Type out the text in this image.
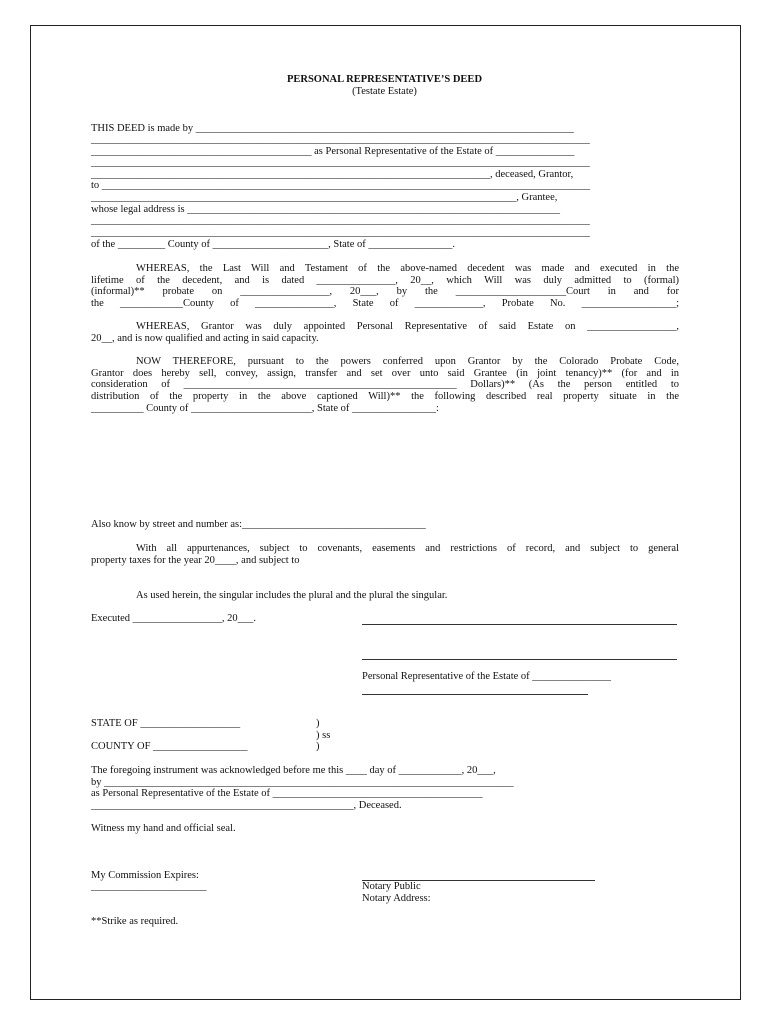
PERSONAL REPRESENTATIVE’S DEED
(Testate Estate)
THIS DEED is made by ________________________________________________________________________
_______________________________________________________________________________________________
__________________________________________ as Personal Representative of the Estate of _______________
_______________________________________________________________________________________________
____________________________________________________________________________, deceased, Grantor,
to _____________________________________________________________________________________________
_________________________________________________________________________________, Grantee,
whose legal address is _______________________________________________________________________
_______________________________________________________________________________________________
_______________________________________________________________________________________________
of the _________ County of ______________________, State of ________________.
WHEREAS, the Last Will and Testament of the above-named decedent was made and executed in the
lifetime of the decedent, and is dated _______________, 20__, which Will was duly admitted to (formal)
(informal)** probate on _________________, 20___, by the _____________________Court in and for
the ____________County of _______________, State of _____________, Probate No. __________________;
WHEREAS, Grantor was duly appointed Personal Representative of said Estate on _________________,
20__, and is now qualified and acting in said capacity.
NOW THEREFORE, pursuant to the powers conferred upon Grantor by the Colorado Probate Code,
Grantor does hereby sell, convey, assign, transfer and set over unto said Grantee (in joint tenancy)** (for and in
consideration of ____________________________________________________ Dollars)** (As the person entitled to
distribution of the property in the above captioned Will)** the following described real property situate in the
__________ County of _______________________, State of ________________:
Also know by street and number as:___________________________________
With all appurtenances, subject to covenants, easements and restrictions of record, and subject to general
property taxes for the year 20____, and subject to
As used herein, the singular includes the plural and the plural the singular.
Executed _________________, 20___.
Personal Representative of the Estate of _______________
STATE OF ___________________	)
) ss
COUNTY OF __________________	)
The foregoing instrument was acknowledged before me this ____ day of ____________, 20___,
by ______________________________________________________________________________
as Personal Representative of the Estate of ________________________________________
__________________________________________________, Deceased.
Witness my hand and official seal.
My Commission Expires:
______________________	Notary Public
Notary Address:
**Strike as required.
